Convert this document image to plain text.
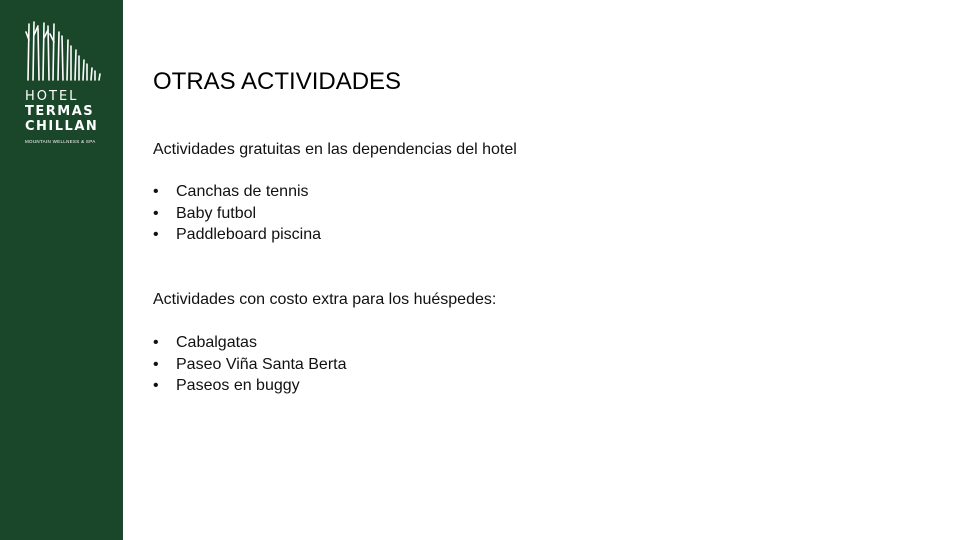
HOTEL
TERMAS
CHILLAN
MOUNTAIN WELLNESS & SPA
OTRAS ACTIVIDADES

Actividades gratuitas en las dependencias del hotel

• Canchas de tennis
• Baby futbol
• Paddleboard piscina

Actividades con costo extra para los huéspedes:

• Cabalgatas
• Paseo Viña Santa Berta
• Paseos en buggy
